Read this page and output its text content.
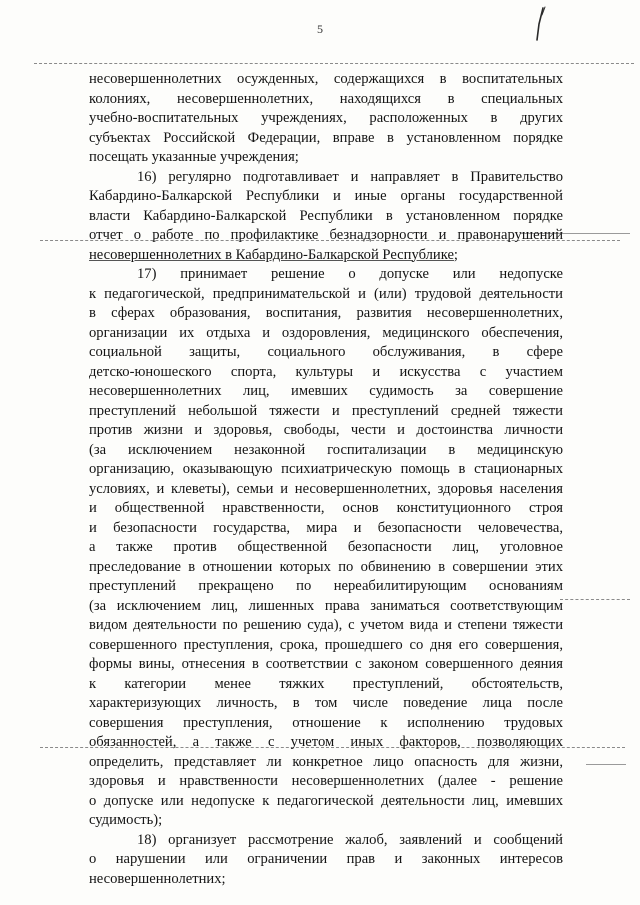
5
несовершеннолетних осужденных, содержащихся в воспитательных
колониях, несовершеннолетних, находящихся в специальных
учебно-воспитательных учреждениях, расположенных в других
субъектах Российской Федерации, вправе в установленном порядке
посещать указанные учреждения;
16) регулярно подготавливает и направляет в Правительство
Кабардино-Балкарской Республики и иные органы государственной
власти Кабардино-Балкарской Республики в установленном порядке
отчет о работе по профилактике безнадзорности и правонарушений
несовершеннолетних в Кабардино-Балкарской Республике;
17) принимает решение о допуске или недопуске
к педагогической, предпринимательской и (или) трудовой деятельности
в сферах образования, воспитания, развития несовершеннолетних,
организации их отдыха и оздоровления, медицинского обеспечения,
социальной защиты, социального обслуживания, в сфере
детско-юношеского спорта, культуры и искусства с участием
несовершеннолетних лиц, имевших судимость за совершение
преступлений небольшой тяжести и преступлений средней тяжести
против жизни и здоровья, свободы, чести и достоинства личности
(за исключением незаконной госпитализации в медицинскую
организацию, оказывающую психиатрическую помощь в стационарных
условиях, и клеветы), семьи и несовершеннолетних, здоровья населения
и общественной нравственности, основ конституционного строя
и безопасности государства, мира и безопасности человечества,
а также против общественной безопасности лиц, уголовное
преследование в отношении которых по обвинению в совершении этих
преступлений прекращено по нереабилитирующим основаниям
(за исключением лиц, лишенных права заниматься соответствующим
видом деятельности по решению суда), с учетом вида и степени тяжести
совершенного преступления, срока, прошедшего со дня его совершения,
формы вины, отнесения в соответствии с законом совершенного деяния
к категории менее тяжких преступлений, обстоятельств,
характеризующих личность, в том числе поведение лица после
совершения преступления, отношение к исполнению трудовых
обязанностей, а также с учетом иных факторов, позволяющих
определить, представляет ли конкретное лицо опасность для жизни,
здоровья и нравственности несовершеннолетних (далее - решение
о допуске или недопуске к педагогической деятельности лиц, имевших
судимость);
18) организует рассмотрение жалоб, заявлений и сообщений
о нарушении или ограничении прав и законных интересов
несовершеннолетних;
